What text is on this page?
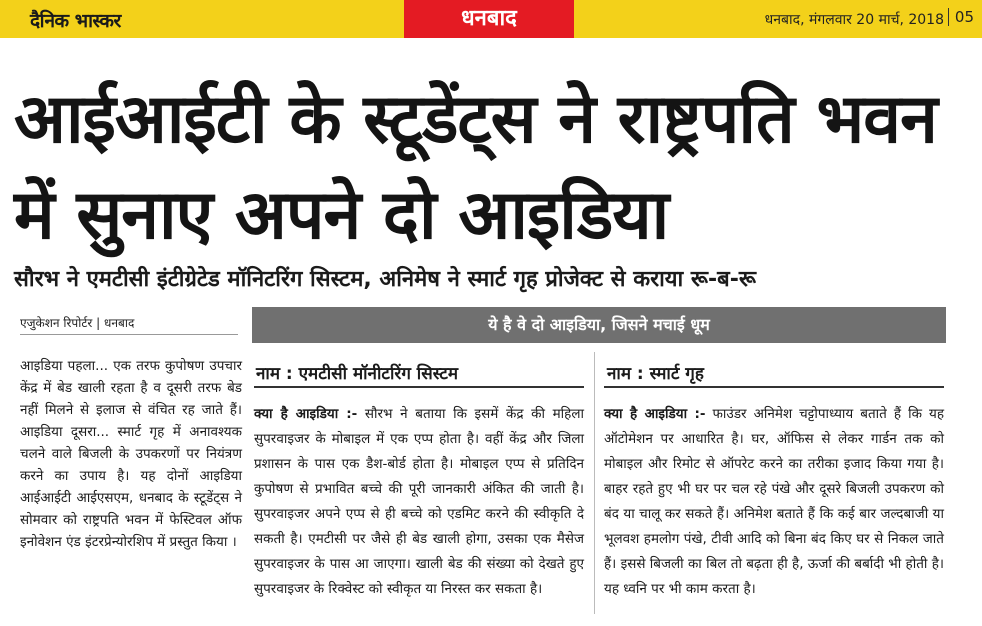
दैनिक भास्कर	धनबाद	धनबाद, मंगलवार 20 मार्च, 2018 05
आईआईटी के स्टूडेंट्स ने राष्ट्रपति भवन में सुनाए अपने दो आइडिया
सौरभ ने एमटीसी इंटीग्रेटेड मॉनिटरिंग सिस्टम, अनिमेष ने स्मार्ट गृह प्रोजेक्ट से कराया रू-ब-रू
एजुकेशन रिपोर्टर | धनबाद	ये है वे दो आइडिया, जिसने मचाई धूम

आइडिया पहला... एक तरफ कुपोषण उपचार केंद्र में बेड खाली रहता है व दूसरी तरफ बेड नहीं मिलने से इलाज से वंचित रह जाते हैं। आइडिया दूसरा... स्मार्ट गृह में अनावश्यक चलने वाले बिजली के उपकरणों पर नियंत्रण करने का उपाय है। यह दोनों आइडिया आईआईटी आईएसएम, धनबाद के स्टूडेंट्स ने सोमवार को राष्ट्रपति भवन में फेस्टिवल ऑफ इनोवेशन एंड इंटरप्रेन्योरशिप में प्रस्तुत किया ।

नाम : एमटीसी मॉनीटरिंग सिस्टम

क्या है आइडिया :- सौरभ ने बताया कि इसमें केंद्र की महिला सुपरवाइजर के मोबाइल में एक एप्प होता है। वहीं केंद्र और जिला प्रशासन के पास एक डैश-बोर्ड होता है। मोबाइल एप्प से प्रतिदिन कुपोषण से प्रभावित बच्चे की पूरी जानकारी अंकित की जाती है। सुपरवाइजर अपने एप्प से ही बच्चे को एडमिट करने की स्वीकृति दे सकती है। एमटीसी पर जैसे ही बेड खाली होगा, उसका एक मैसेज सुपरवाइजर के पास आ जाएगा। खाली बेड की संख्या को देखते हुए सुपरवाइजर के रिक्वेस्ट को स्वीकृत या निरस्त कर सकता है।

नाम : स्मार्ट गृह

क्या है आइडिया :- फाउंडर अनिमेश चट्टोपाध्याय बताते हैं कि यह ऑटोमेशन पर आधारित है। घर, ऑफिस से लेकर गार्डन तक को मोबाइल और रिमोट से ऑपरेट करने का तरीका इजाद किया गया है। बाहर रहते हुए भी घर पर चल रहे पंखे और दूसरे बिजली उपकरण को बंद या चालू कर सकते हैं। अनिमेश बताते हैं कि कई बार जल्दबाजी या भूलवश हमलोग पंखे, टीवी आदि को बिना बंद किए घर से निकल जाते हैं। इससे बिजली का बिल तो बढ़ता ही है, ऊर्जा की बर्बादी भी होती है। यह ध्वनि पर भी काम करता है।
